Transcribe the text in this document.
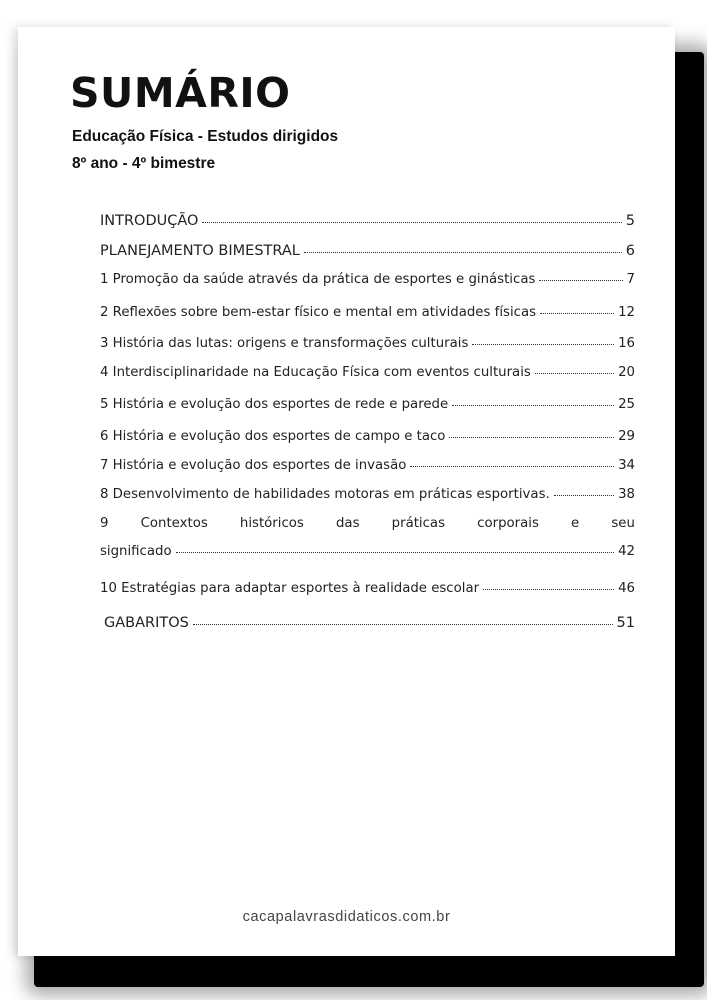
SUMÁRIO
Educação Física - Estudos dirigidos
8º ano - 4º bimestre
INTRODUÇÃO	5
PLANEJAMENTO BIMESTRAL	6
1 Promoção da saúde através da prática de esportes e ginásticas	7
2 Reflexões sobre bem-estar físico e mental em atividades físicas	12
3 História das lutas: origens e transformações culturais	16
4 Interdisciplinaridade na Educação Física com eventos culturais	20
5 História e evolução dos esportes de rede e parede	25
6 História e evolução dos esportes de campo e taco	29
7 História e evolução dos esportes de invasão	34
8 Desenvolvimento de habilidades motoras em práticas esportivas.	38
9 Contextos históricos das práticas corporais e seu
significado	42
10 Estratégias para adaptar esportes à realidade escolar	46
GABARITOS	51
cacapalavrasdidaticos.com.br
